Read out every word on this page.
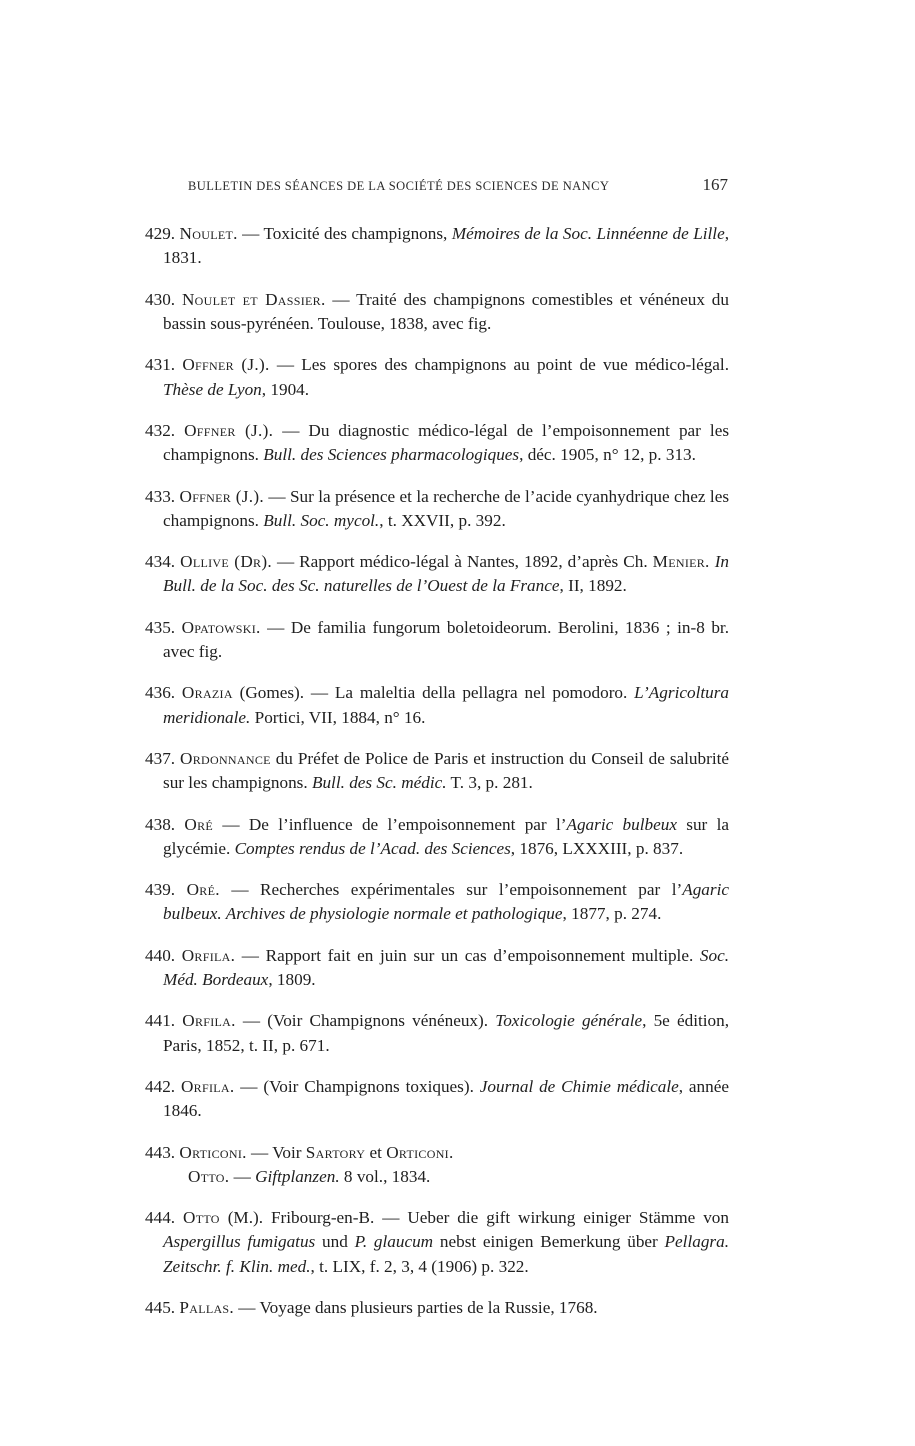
BULLETIN DES SÉANCES DE LA SOCIÉTÉ DES SCIENCES DE NANCY	167

429. Noulet. — Toxicité des champignons, Mémoires de la Soc. Linnéenne de Lille, 1831.

430. Noulet et Dassier. — Traité des champignons comestibles et vénéneux du bassin sous-pyrénéen. Toulouse, 1838, avec fig.

431. Offner (J.). — Les spores des champignons au point de vue médico-légal. Thèse de Lyon, 1904.

432. Offner (J.). — Du diagnostic médico-légal de l’empoisonnement par les champignons. Bull. des Sciences pharmacologiques, déc. 1905, n° 12, p. 313.

433. Offner (J.). — Sur la présence et la recherche de l’acide cyanhydrique chez les champignons. Bull. Soc. mycol., t. XXVII, p. 392.

434. Ollive (Dr). — Rapport médico-légal à Nantes, 1892, d’après Ch. Menier. In Bull. de la Soc. des Sc. naturelles de l’Ouest de la France, II, 1892.

435. Opatowski. — De familia fungorum boletoideorum. Berolini, 1836 ; in-8 br. avec fig.

436. Orazia (Gomes). — La maleltia della pellagra nel pomodoro. L’Agricoltura meridionale. Portici, VII, 1884, n° 16.

437. Ordonnance du Préfet de Police de Paris et instruction du Conseil de salubrité sur les champignons. Bull. des Sc. médic. T. 3, p. 281.

438. Oré — De l’influence de l’empoisonnement par l’Agaric bulbeux sur la glycémie. Comptes rendus de l’Acad. des Sciences, 1876, LXXXIII, p. 837.

439. Oré. — Recherches expérimentales sur l’empoisonnement par l’Agaric bulbeux. Archives de physiologie normale et pathologique, 1877, p. 274.

440. Orfila. — Rapport fait en juin sur un cas d’empoisonnement multiple. Soc. Méd. Bordeaux, 1809.

441. Orfila. — (Voir Champignons vénéneux). Toxicologie générale, 5e édition, Paris, 1852, t. II, p. 671.

442. Orfila. — (Voir Champignons toxiques). Journal de Chimie médicale, année 1846.

443. Orticoni. — Voir Sartory et Orticoni.

Otto. — Giftplanzen. 8 vol., 1834.

444. Otto (M.). Fribourg-en-B. — Ueber die gift wirkung einiger Stämme von Aspergillus fumigatus und P. glaucum nebst einigen Bemerkung über Pellagra. Zeitschr. f. Klin. med., t. LIX, f. 2, 3, 4 (1906) p. 322.

445. Pallas. — Voyage dans plusieurs parties de la Russie, 1768.
